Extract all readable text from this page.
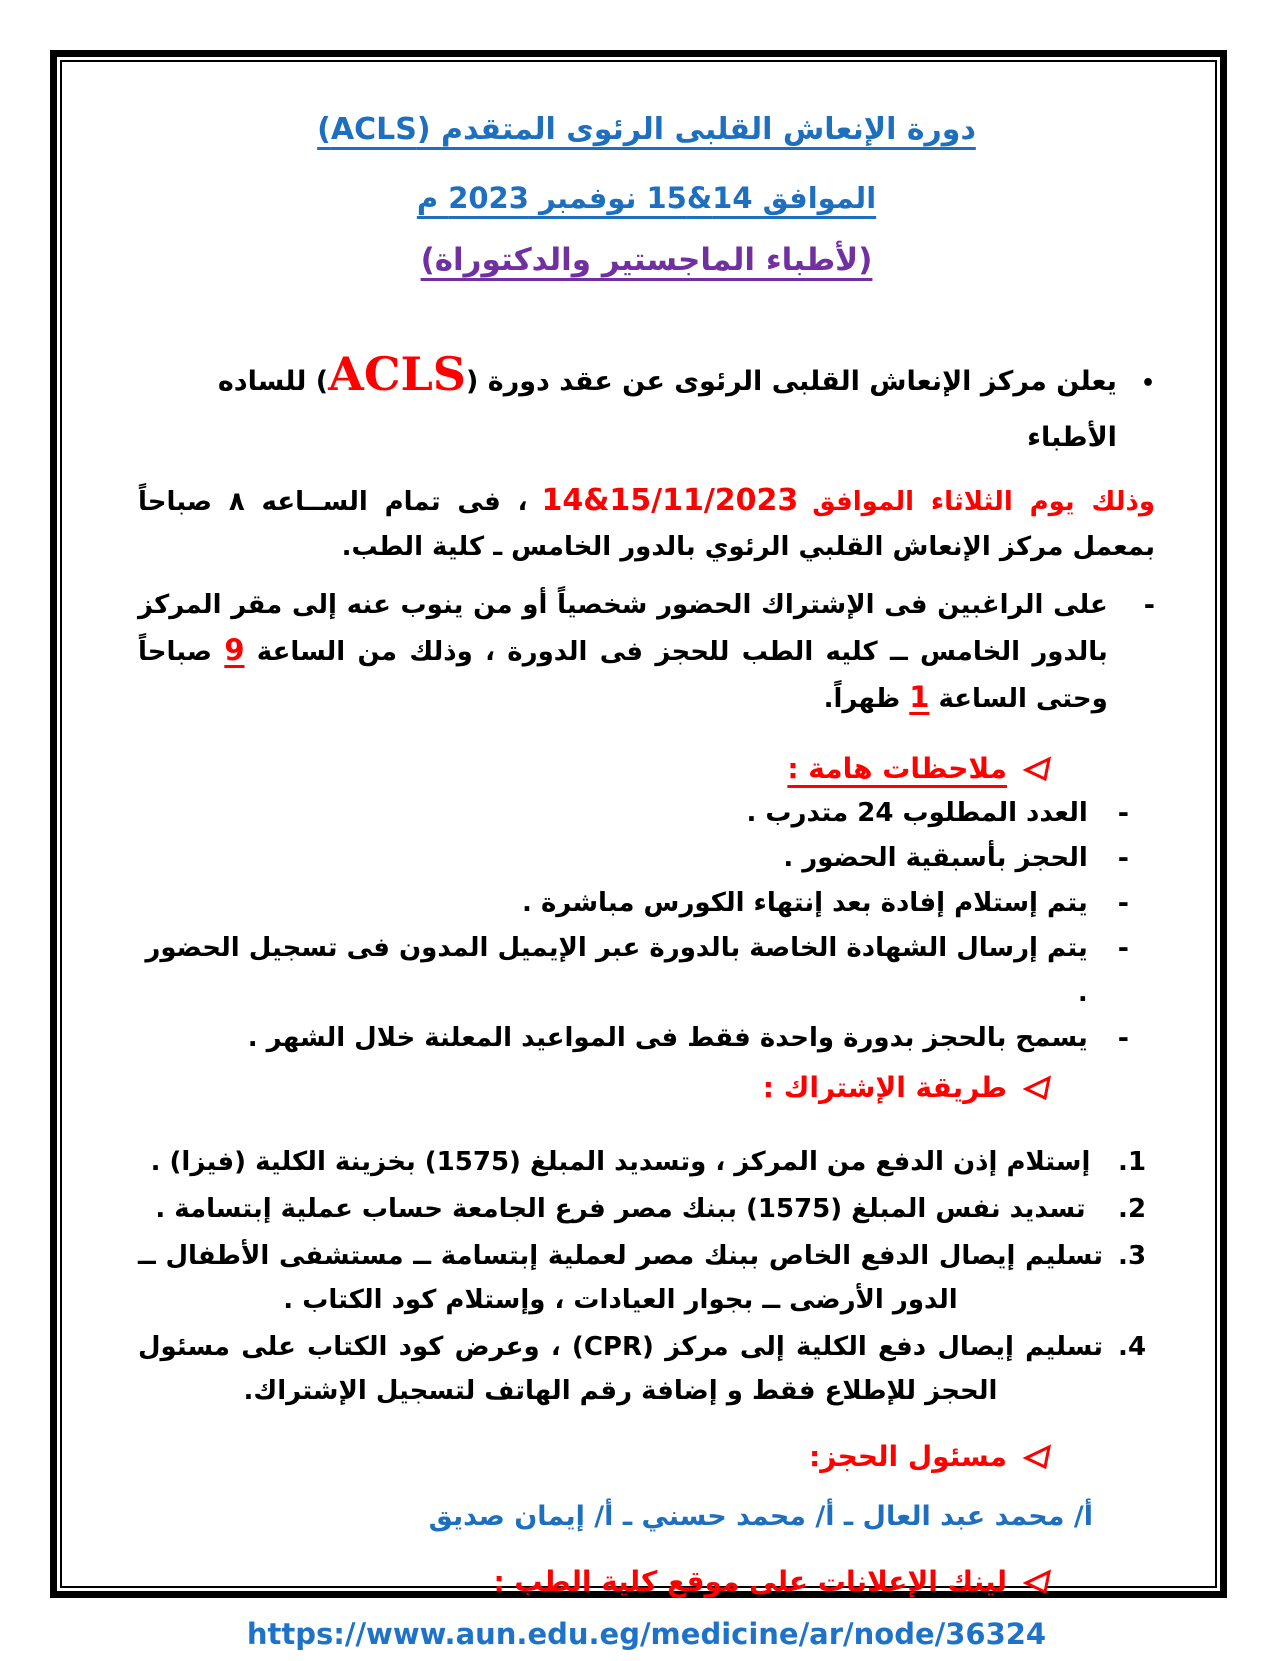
دورة الإنعاش القلبى الرئوى المتقدم (ACLS)
الموافق 14&15 نوفمبر 2023 م
(لأطباء الماجستير والدكتوراة)
•

يعلن مركز الإنعاش القلبى الرئوى عن عقد دورة (ACLS) للساده الأطباء

وذلك يوم الثلاثاء الموافق14&15/11/2023، فى تمام الســاعه ٨ صباحاً بمعمل مركز الإنعاش القلبي الرئوي بالدور الخامس ـ كلية الطب.

-

على الراغبين فى الإشتراك الحضور شخصياً أو من ينوب عنه إلى مقر المركز بالدور الخامس ــ كليه الطب للحجز فى الدورة ، وذلك من الساعة 9 صباحاً وحتى الساعة 1 ظهراً.

ملاحظات هامة :
-
العدد المطلوب 24 متدرب .
-
الحجز بأسبقية الحضور .
-
يتم إستلام إفادة بعد إنتهاء الكورس مباشرة .
-
يتم إرسال الشهادة الخاصة بالدورة عبر الإيميل المدون فى تسجيل الحضور .
-
يسمح بالحجز بدورة واحدة فقط فى المواعيد المعلنة خلال الشهر .
طريقة الإشتراك :
1. إستلام إذن الدفع من المركز ، وتسديد المبلغ (1575) بخزينة الكلية (فيزا) .
2. تسديد نفس المبلغ (1575) ببنك مصر فرع الجامعة حساب عملية إبتسامة .
3. تسليم إيصال الدفع الخاص ببنك مصر لعملية إبتسامة ــ مستشفى الأطفال ــ الدور الأرضى ــ بجوار العيادات ، وإستلام كود الكتاب .
4. تسليم إيصال دفع الكلية إلى مركز (CPR) ، وعرض كود الكتاب على مسئول الحجز للإطلاع فقط و إضافة رقم الهاتف لتسجيل الإشتراك.
مسئول الحجز:

أ/ محمد عبد العال ـ أ/ محمد حسني ـ أ/ إيمان صديق

لينك الإعلانات على موقع كلية الطب :

https://www.aun.edu.eg/medicine/ar/node/36324
